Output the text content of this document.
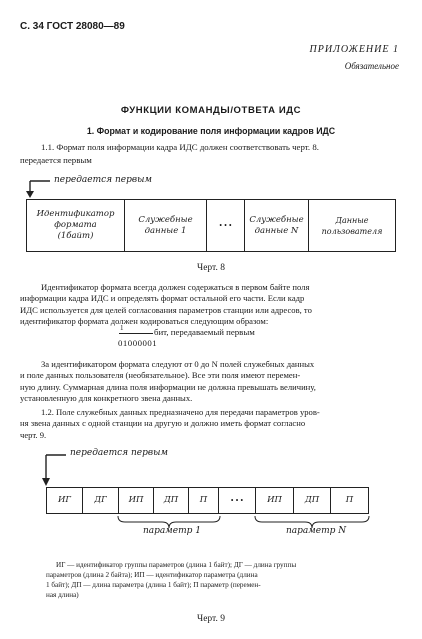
С. 34 ГОСТ 28080—89
ПРИЛОЖЕНИЕ 1
Обязательное
ФУНКЦИИ КОМАНДЫ/ОТВЕТА ИДС
1. Формат и кодирование поля информации кадров ИДС
1.1. Формат поля информации кадра ИДС должен соответствовать черт. 8.
передается первым
передается первым
Идентификатор
формата
(1байт)
Служебные
данные 1	• • •
Служебные
данные N
Данные
пользователя
Черт. 8
Идентификатор формата всегда должен содержаться в первом байте поля
информации кадра ИДС и определять формат остальной его части. Если кадр
ИДС используется для целей согласования параметров станции или адресов, то
идентификатор формата должен кодироваться следующим образом:
1	бит, передаваемый первым
01000001
За идентификатором формата следуют от 0 до N полей служебных данных
и поле данных пользователя (необязательное). Все эти поля имеют перемен-
ную длину. Суммарная длина поля информации не должна превышать величину,
установленную для конкретного звена данных.
1.2. Поле служебных данных предназначено для передачи параметров уров-
ня звена данных с одной станции на другую и должно иметь формат согласно
черт. 9.
передается первым
ИГ	ДГ	ИП	ДП	П	• • •	ИП	ДП	П
параметр 1	параметр N
ИГ — идентификатор группы параметров (длина 1 байт); ДГ — длина группы
параметров (длина 2 байта); ИП — идентификатор параметра (длина
1 байт); ДП — длина параметра (длина 1 байт); П параметр (перемен-
ная длина)
Черт. 9
